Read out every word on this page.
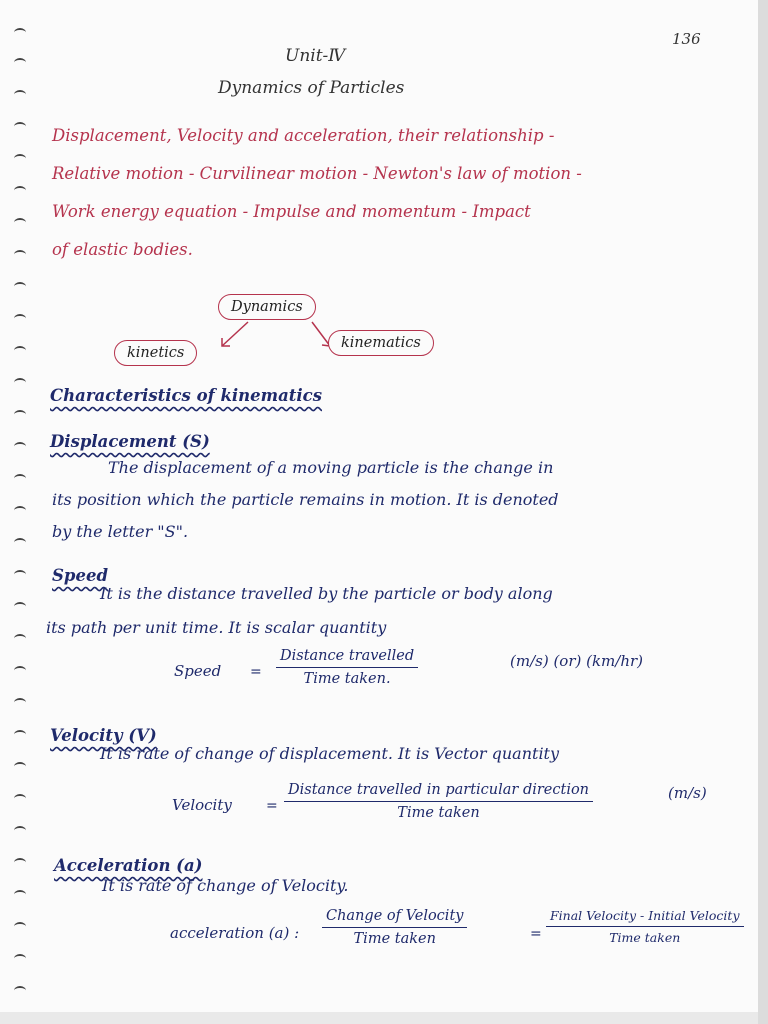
136
Unit-Ⅳ
Dynamics of Particles
Displacement, Velocity and acceleration, their relationship -
Relative motion - Curvilinear motion - Newton's law of motion -
Work energy equation - Impulse and momentum - Impact
of elastic bodies.
Dynamics
kinetics
kinematics
Characteristics of kinematics
Displacement (S)
The displacement of a moving particle is the change in
its position which the particle remains in motion. It is denoted
by the letter "S".
Speed
It is the distance travelled by the particle or body along
its path per unit time. It is scalar quantity
Speed =
Distance travelled
Time taken.
(m/s) (or) (km/hr)
Velocity (V)
It is rate of change of displacement. It is Vector quantity
Velocity =
Distance travelled in particular direction
Time taken
(m/s)
Acceleration (a)
It is rate of change of Velocity.
acceleration (a) :
Change of Velocity
Time taken	=
Final Velocity - Initial Velocity
Time taken
